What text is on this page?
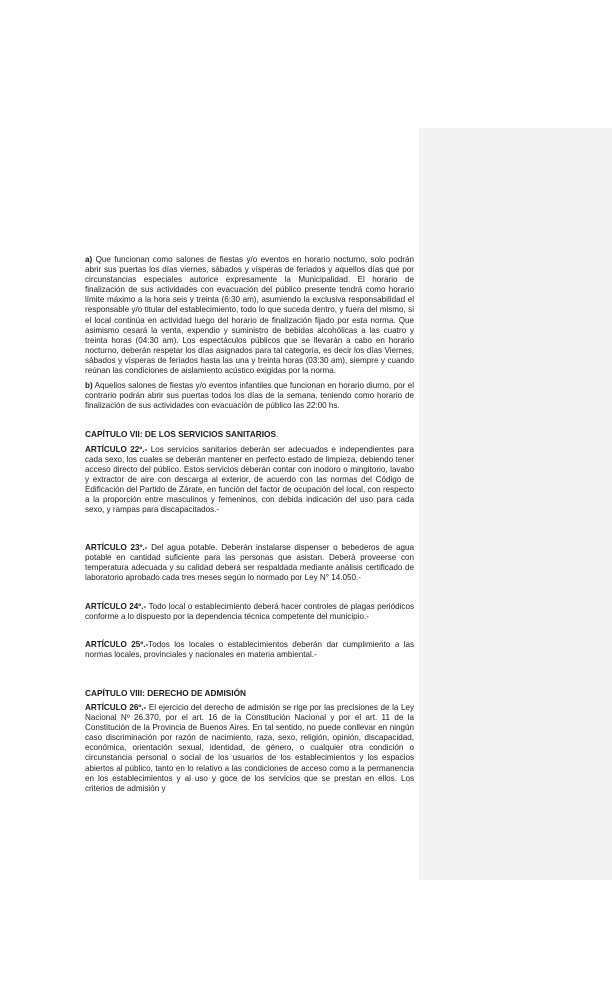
a) Que funcionan como salones de fiestas y/o eventos en horario nocturno, solo podrán abrir sus puertas los días viernes, sábados y vísperas de feriados y aquellos días que por circunstancias especiales autorice expresamente la Municipalidad. El horario de finalización de sus actividades con evacuación del público presente tendrá como horario límite máximo a la hora seis y treinta (6:30 am), asumiendo la exclusiva responsabilidad el responsable y/o titular del establecimiento, todo lo que suceda dentro, y fuera del mismo, si el local continúa en actividad luego del horario de finalización fijado por esta norma. Que asimismo cesará la venta, expendio y suministro de bebidas alcohólicas a las cuatro y treinta horas (04:30 am). Los espectáculos públicos que se llevarán a cabo en horario nocturno, deberán respetar los días asignados para tal categoría, es decir los días Viernes, sábados y vísperas de feriados hasta las una y treinta horas (03:30 am), siempre y cuando reúnan las condiciones de aislamiento acústico exigidas por la norma.

b) Aquellos salones de fiestas y/o eventos infantiles que funcionan en horario diurno, por el contrario podrán abrir sus puertas todos los días de la semana, teniendo como horario de finalización de sus actividades con evacuación de público las 22:00 hs.

CAPÍTULO VII: DE LOS SERVICIOS SANITARIOS.

ARTÍCULO 22º.- Los servicios sanitarios deberán ser adecuados e independientes para cada sexo, los cuales se deberán mantener en perfecto estado de limpieza, debiendo tener acceso directo del público. Estos servicios deberán contar con inodoro o mingitorio, lavabo y extractor de aire con descarga al exterior, de acuerdo con las normas del Código de Edificación del Partido de Zárate, en función del factor de ocupación del local, con respecto a la proporción entre masculinos y femeninos, con debida indicación del uso para cada sexo, y rampas para discapacitados.-

ARTÍCULO 23º.- Del agua potable. Deberán instalarse dispenser o bebederos de agua potable en cantidad suficiente para las personas que asistan. Deberá proveerse con temperatura adecuada y su calidad deberá ser respaldada mediante análisis certificado de laboratorio aprobado cada tres meses según lo normado por Ley N° 14.050.-

ARTÍCULO 24º.- Todo local o establecimiento deberá hacer controles de plagas periódicos conforme a lo dispuesto por la dependencia técnica competente del municipio.-

ARTÍCULO 25º.-Todos los locales o establecimientos deberán dar cumplimiento a las normas locales, provinciales y nacionales en materia ambiental.-

CAPÍTULO VIII: DERECHO DE ADMISIÓN

ARTÍCULO 26º.- El ejercicio del derecho de admisión se rige por las precisiones de la Ley Nacional Nº 26.370, por el art. 16 de la Constitución Nacional y por el art. 11 de la Constitución de la Provincia de Buenos Aires. En tal sentido, no puede conllevar en ningún caso discriminación por razón de nacimiento, raza, sexo, religión, opinión, discapacidad, económica, orientación sexual, identidad, de género, o cualquier otra condición o circunstancia personal o social de los usuarios de los establecimientos y los espacios abiertos al público, tanto en lo relativo a las condiciones de acceso como a la permanencia en los establecimientos y al uso y goce de los servicios que se prestan en ellos. Los criterios de admisión y
